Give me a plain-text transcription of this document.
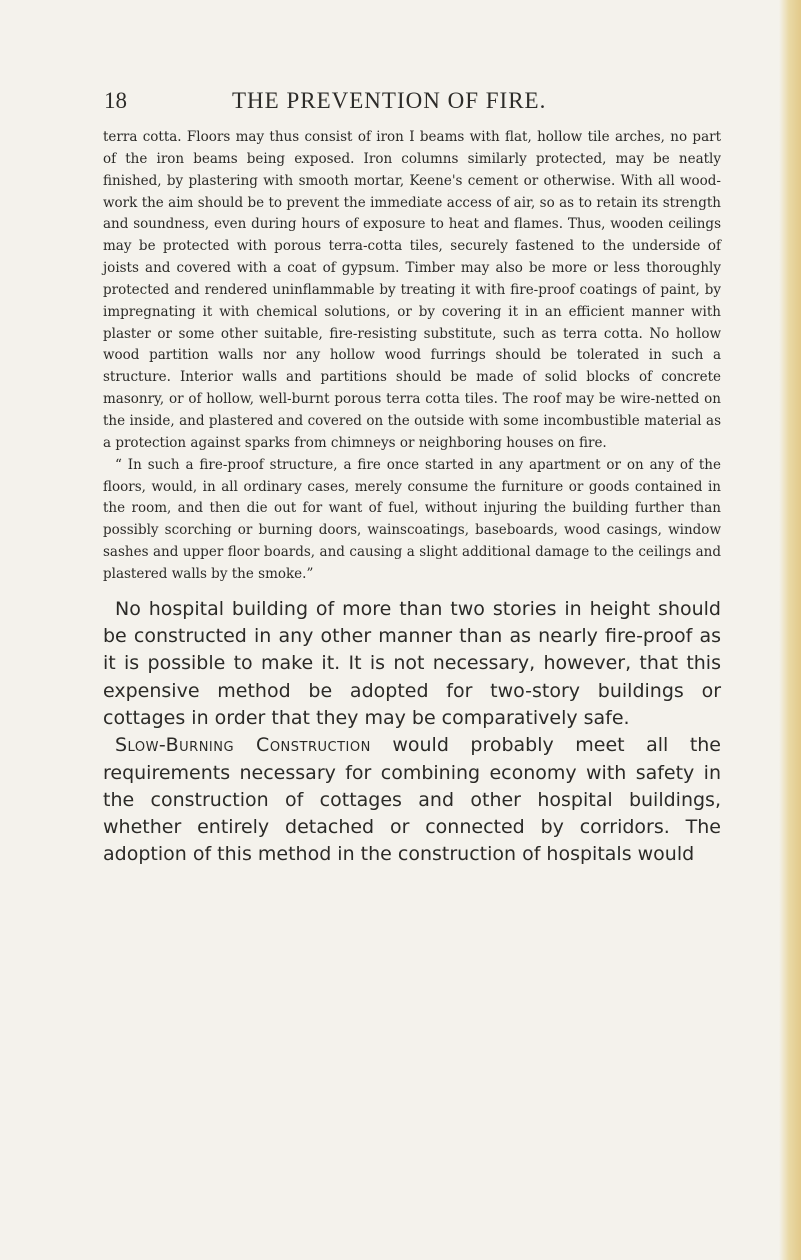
18	THE PREVENTION OF FIRE.

terra cotta. Floors may thus consist of iron I beams with flat, hollow tile arches, no part of the iron beams being exposed. Iron columns similarly protected, may be neatly finished, by plastering with smooth mortar, Keene's cement or otherwise. With all wood-work the aim should be to prevent the immediate access of air, so as to retain its strength and soundness, even during hours of exposure to heat and flames. Thus, wooden ceilings may be protected with porous terra-cotta tiles, securely fastened to the underside of joists and covered with a coat of gypsum. Timber may also be more or less thoroughly protected and rendered uninflammable by treating it with fire-proof coatings of paint, by impregnating it with chemical solutions, or by covering it in an efficient manner with plaster or some other suitable, fire-resisting substitute, such as terra cotta. No hollow wood partition walls nor any hollow wood furrings should be tolerated in such a structure. Interior walls and partitions should be made of solid blocks of concrete masonry, or of hollow, well-burnt porous terra cotta tiles. The roof may be wire-netted on the inside, and plastered and covered on the outside with some incombustible material as a protection against sparks from chimneys or neighboring houses on fire.

“ In such a fire-proof structure, a fire once started in any apartment or on any of the floors, would, in all ordinary cases, merely consume the furniture or goods contained in the room, and then die out for want of fuel, without injuring the building further than possibly scorching or burning doors, wainscoatings, baseboards, wood casings, window sashes and upper floor boards, and causing a slight additional damage to the ceilings and plastered walls by the smoke.”

No hospital building of more than two stories in height should be constructed in any other manner than as nearly fire-proof as it is possible to make it. It is not necessary, however, that this expensive method be adopted for two-story buildings or cottages in order that they may be comparatively safe.

Slow-Burning Construction would probably meet all the requirements necessary for combining economy with safety in the construction of cottages and other hospital buildings, whether entirely detached or connected by corridors. The adoption of this method in the construction of hospitals would
